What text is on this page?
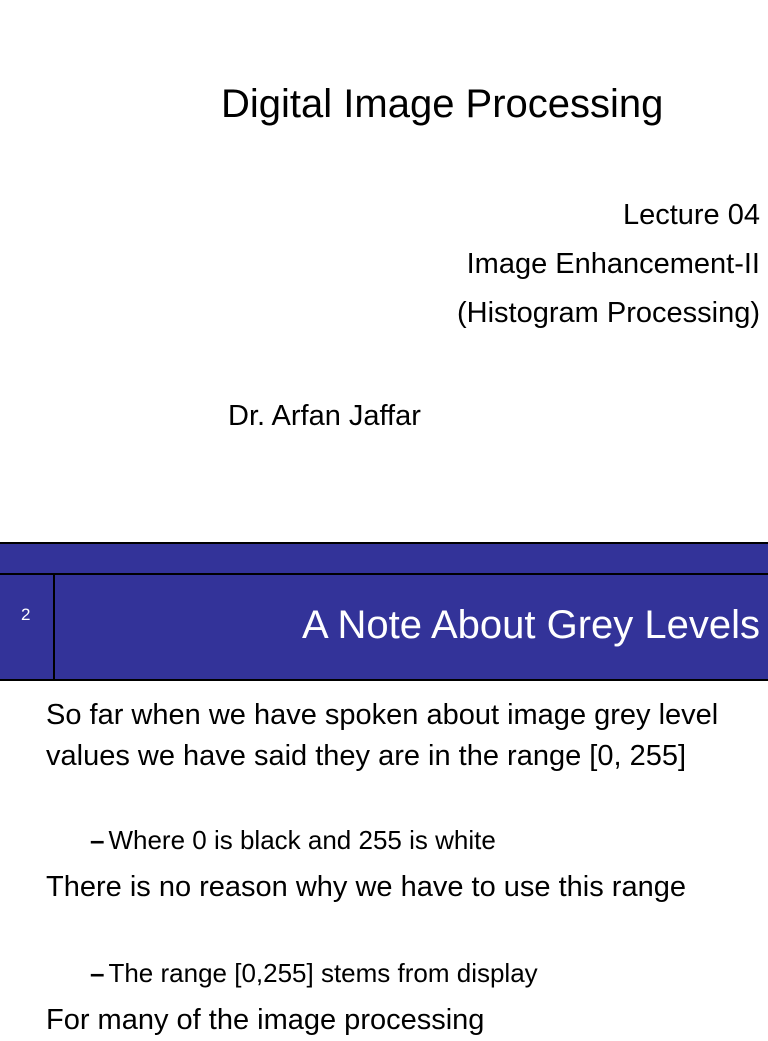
Digital Image Processing
Lecture 04
Image Enhancement-II
(Histogram Processing)
Dr. Arfan Jaffar
2	A Note About Grey Levels
So far when we have spoken about image grey level values we have said they are in the range [0, 255]
– Where 0 is black and 255 is white
There is no reason why we have to use this range
– The range [0,255] stems from display
For many of the image processing
